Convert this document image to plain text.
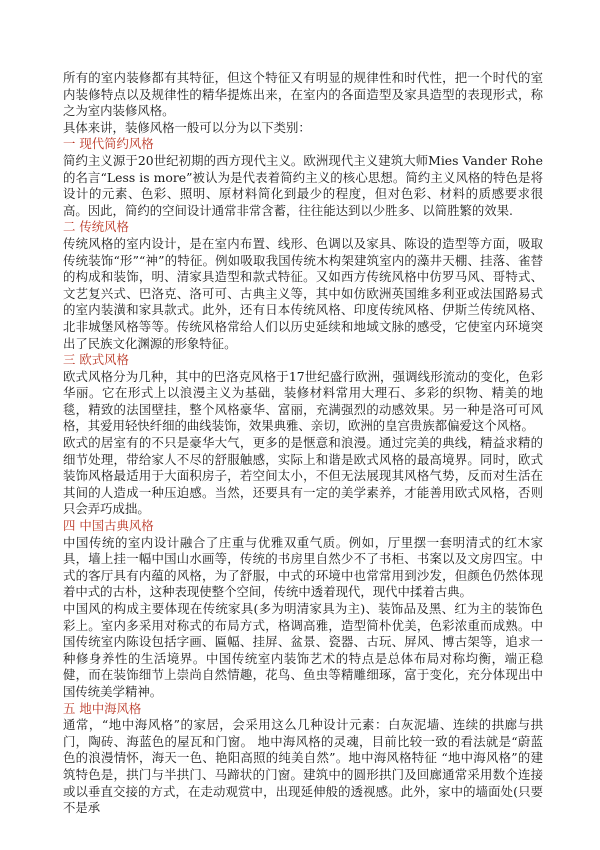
所有的室内装修都有其特征，但这个特征又有明显的规律性和时代性，把一个时代的室内装修特点以及规律性的精华提炼出来，在室内的各面造型及家具造型的表现形式，称之为室内装修风格。

具体来讲，装修风格一般可以分为以下类别：

一 现代简约风格

简约主义源于20世纪初期的西方现代主义。欧洲现代主义建筑大师Mies Vander Rohe的名言“Less is more”被认为是代表着简约主义的核心思想。简约主义风格的特色是将设计的元素、色彩、照明、原材料简化到最少的程度，但对色彩、材料的质感要求很高。因此，简约的空间设计通常非常含蓄，往往能达到以少胜多、以简胜繁的效果.

二 传统风格

传统风格的室内设计，是在室内布置、线形、色调以及家具、陈设的造型等方面，吸取传统装饰“形”“神”的特征。例如吸取我国传统木构架建筑室内的藻井天棚、挂落、雀替的构成和装饰，明、清家具造型和款式特征。又如西方传统风格中仿罗马风、哥特式、文艺复兴式、巴洛克、洛可可、古典主义等，其中如仿欧洲英国维多利亚或法国路易式的室内装潢和家具款式。此外，还有日本传统风格、印度传统风格、伊斯兰传统风格、北非城堡风格等等。传统风格常给人们以历史延续和地域文脉的感受，它使室内环境突出了民族文化渊源的形象特征。

三 欧式风格

欧式风格分为几种，其中的巴洛克风格于17世纪盛行欧洲，强调线形流动的变化，色彩华丽。它在形式上以浪漫主义为基础，装修材料常用大理石、多彩的织物、精美的地毯，精致的法国壁挂，整个风格豪华、富丽，充满强烈的动感效果。另一种是洛可可风格，其爱用轻快纤细的曲线装饰，效果典雅、亲切，欧洲的皇宫贵族都偏爱这个风格。

欧式的居室有的不只是豪华大气，更多的是惬意和浪漫。通过完美的典线，精益求精的细节处理，带给家人不尽的舒服触感，实际上和谐是欧式风格的最高境界。同时，欧式装饰风格最适用于大面积房子，若空间太小，不但无法展现其风格气势，反而对生活在其间的人造成一种压迫感。当然，还要具有一定的美学素养，才能善用欧式风格，否则只会弄巧成拙。

四 中国古典风格

中国传统的室内设计融合了庄重与优雅双重气质。例如，厅里摆一套明清式的红木家具，墙上挂一幅中国山水画等，传统的书房里自然少不了书柜、书案以及文房四宝。中式的客厅具有内蕴的风格，为了舒服，中式的环境中也常常用到沙发，但颜色仍然体现着中式的古朴，这种表现使整个空间，传统中透着现代，现代中揉着古典。

中国风的构成主要体现在传统家具(多为明清家具为主)、装饰品及黑、红为主的装饰色彩上。室内多采用对称式的布局方式，格调高雅，造型简朴优美，色彩浓重而成熟。中国传统室内陈设包括字画、匾幅、挂屏、盆景、瓷器、古玩、屏风、博古架等，追求一种修身养性的生活境界。中国传统室内装饰艺术的特点是总体布局对称均衡，端正稳健，而在装饰细节上崇尚自然情趣，花鸟、鱼虫等精雕细琢，富于变化，充分体现出中国传统美学精神。

五 地中海风格

通常，“地中海风格”的家居，会采用这么几种设计元素：白灰泥墙、连续的拱廊与拱门，陶砖、海蓝色的屋瓦和门窗。 地中海风格的灵魂，目前比较一致的看法就是“蔚蓝色的浪漫情怀，海天一色、艳阳高照的纯美自然”。地中海风格特征 “地中海风格”的建筑特色是，拱门与半拱门、马蹄状的门窗。建筑中的圆形拱门及回廊通常采用数个连接或以垂直交接的方式，在走动观赏中，出现延伸般的透视感。此外，家中的墙面处(只要不是承
